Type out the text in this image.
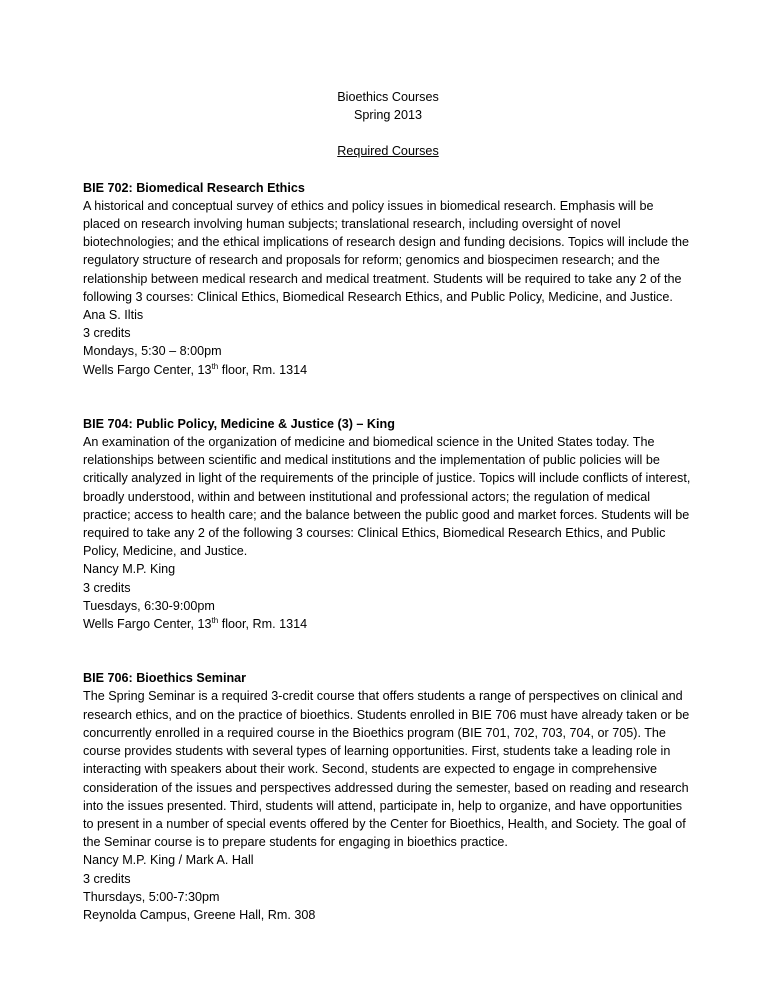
Bioethics Courses
Spring 2013
Required Courses
BIE 702: Biomedical Research Ethics
A historical and conceptual survey of ethics and policy issues in biomedical research. Emphasis will be placed on research involving human subjects; translational research, including oversight of novel biotechnologies; and the ethical implications of research design and funding decisions. Topics will include the regulatory structure of research and proposals for reform; genomics and biospecimen research; and the relationship between medical research and medical treatment. Students will be required to take any 2 of the following 3 courses: Clinical Ethics, Biomedical Research Ethics, and Public Policy, Medicine, and Justice.
Ana S. Iltis
3 credits
Mondays, 5:30 – 8:00pm
Wells Fargo Center, 13th floor, Rm. 1314
BIE 704: Public Policy, Medicine & Justice (3) – King
An examination of the organization of medicine and biomedical science in the United States today. The relationships between scientific and medical institutions and the implementation of public policies will be critically analyzed in light of the requirements of the principle of justice. Topics will include conflicts of interest, broadly understood, within and between institutional and professional actors; the regulation of medical practice; access to health care; and the balance between the public good and market forces. Students will be required to take any 2 of the following 3 courses: Clinical Ethics, Biomedical Research Ethics, and Public Policy, Medicine, and Justice.
Nancy M.P. King
3 credits
Tuesdays, 6:30-9:00pm
Wells Fargo Center, 13th floor, Rm. 1314
BIE 706: Bioethics Seminar
The Spring Seminar is a required 3-credit course that offers students a range of perspectives on clinical and research ethics, and on the practice of bioethics. Students enrolled in BIE 706 must have already taken or be concurrently enrolled in a required course in the Bioethics program (BIE 701, 702, 703, 704, or 705). The course provides students with several types of learning opportunities. First, students take a leading role in interacting with speakers about their work. Second, students are expected to engage in comprehensive consideration of the issues and perspectives addressed during the semester, based on reading and research into the issues presented. Third, students will attend, participate in, help to organize, and have opportunities to present in a number of special events offered by the Center for Bioethics, Health, and Society. The goal of the Seminar course is to prepare students for engaging in bioethics practice.
Nancy M.P. King / Mark A. Hall
3 credits
Thursdays, 5:00-7:30pm
Reynolda Campus, Greene Hall, Rm. 308
